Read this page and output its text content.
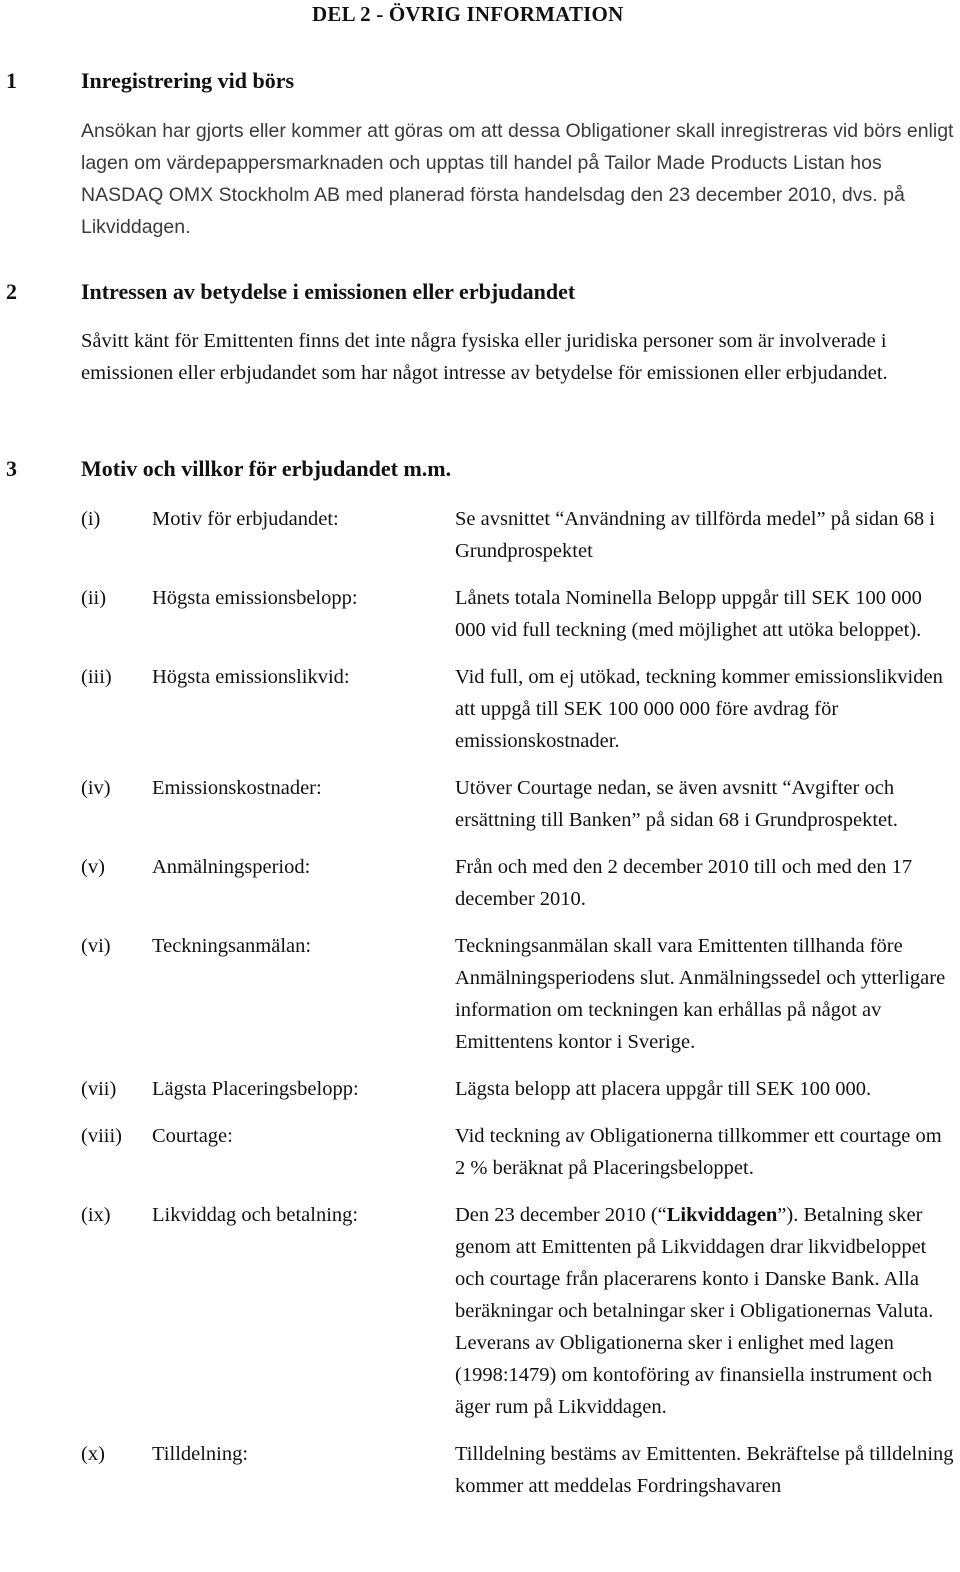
DEL 2 - ÖVRIG INFORMATION
1	Inregistrering vid börs

Ansökan har gjorts eller kommer att göras om att dessa Obligationer skall inregistreras vid börs enligt lagen om värdepappersmarknaden och upptas till handel på Tailor Made Products Listan hos NASDAQ OMX Stockholm AB med planerad första handelsdag den 23 december 2010, dvs. på Likviddagen.

2	Intressen av betydelse i emissionen eller erbjudandet

Såvitt känt för Emittenten finns det inte några fysiska eller juridiska personer som är involverade i emissionen eller erbjudandet som har något intresse av betydelse för emissionen eller erbjudandet.

3	Motiv och villkor för erbjudandet m.m.
(i)	Motiv för erbjudandet:	Se avsnittet “Användning av tillförda medel” på sidan 68 i Grundprospektet
(ii)	Högsta emissionsbelopp:	Lånets totala Nominella Belopp uppgår till SEK 100 000 000 vid full teckning (med möjlighet att utöka beloppet).
(iii)	Högsta emissionslikvid:	Vid full, om ej utökad, teckning kommer emissionslikviden att uppgå till SEK 100 000 000 före avdrag för emissionskostnader.
(iv)	Emissionskostnader:	Utöver Courtage nedan, se även avsnitt “Avgifter och ersättning till Banken” på sidan 68 i Grundprospektet.
(v)	Anmälningsperiod:	Från och med den 2 december 2010 till och med den 17 december 2010.
(vi)	Teckningsanmälan:	Teckningsanmälan skall vara Emittenten tillhanda före Anmälningsperiodens slut. Anmälningssedel och ytterligare information om teckningen kan erhållas på något av Emittentens kontor i Sverige.
(vii)	Lägsta Placeringsbelopp:	Lägsta belopp att placera uppgår till SEK 100 000.
(viii)	Courtage:	Vid teckning av Obligationerna tillkommer ett courtage om 2 % beräknat på Placeringsbeloppet.
(ix)	Likviddag och betalning:	Den 23 december 2010 (“Likviddagen”). Betalning sker genom att Emittenten på Likviddagen drar likvidbeloppet och courtage från placerarens konto i Danske Bank. Alla beräkningar och betalningar sker i Obligationernas Valuta. Leverans av Obligationerna sker i enlighet med lagen (1998:1479) om kontoföring av finansiella instrument och äger rum på Likviddagen.
(x)	Tilldelning:	Tilldelning bestäms av Emittenten. Bekräftelse på tilldelning kommer att meddelas Fordringshavaren
